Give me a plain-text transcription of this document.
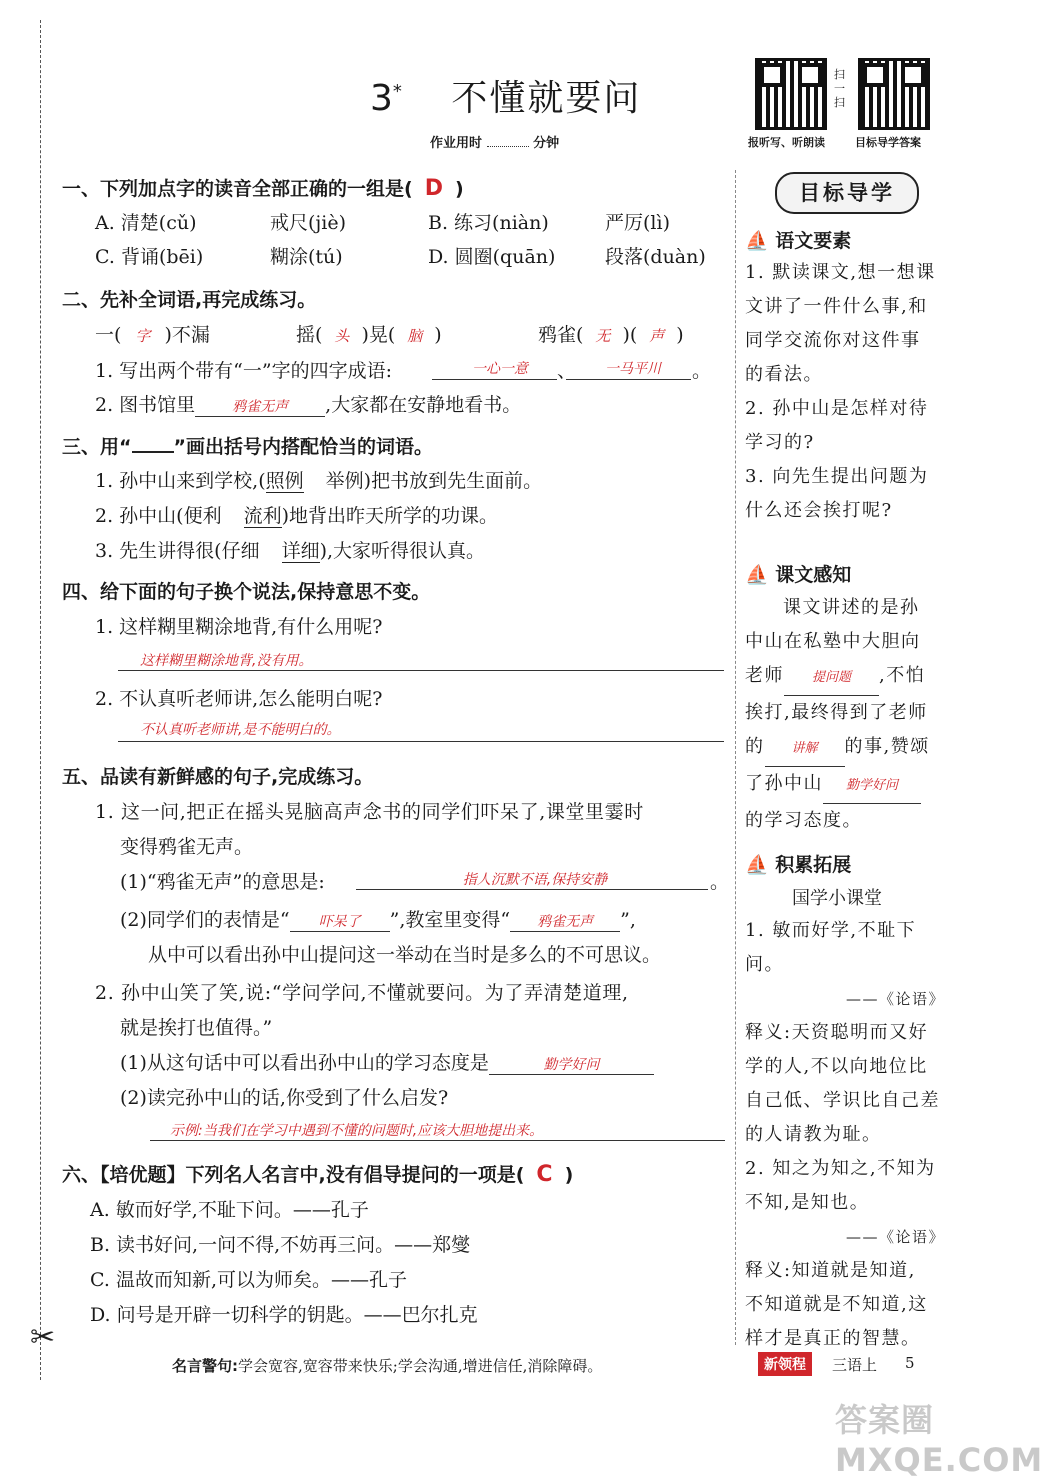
✂
3* 不懂就要问
作业用时	分钟
扫一扫
报听写、听朗读	目标导学答案
一、下列加点字的读音全部正确的一组是( D )
A. 清楚(cǔ)	戒尺(jiè)	B. 练习(niàn)	严厉(lì)
C. 背诵(bēi)	糊涂(tú)	D. 圆圈(quān)	段落(duàn)
二、先补全词语,再完成练习。
一( 字 )不漏	摇( 头 )晃( 脑 )	鸦雀( 无 )( 声 )
1. 写出两个带有“一”字的四字成语:	一心一意	、	一马平川	。
2. 图书馆里	鸦雀无声 ,大家都在安静地看书。
三、用“ ”画出括号内搭配恰当的词语。
1. 孙中山来到学校,(照例 举例)把书放到先生面前。
2. 孙中山(便利 流利)地背出昨天所学的功课。
3. 先生讲得很(仔细 详细),大家听得很认真。
四、给下面的句子换个说法,保持意思不变。
1. 这样糊里糊涂地背,有什么用呢?
这样糊里糊涂地背,没有用。
2. 不认真听老师讲,怎么能明白呢?
不认真听老师讲,是不能明白的。
五、品读有新鲜感的句子,完成练习。
1. 这一问,把正在摇头晃脑高声念书的同学们吓呆了,课堂里霎时
变得鸦雀无声。
(1)“鸦雀无声”的意思是:	指人沉默不语,保持安静	。
(2)同学们的表情是“ 吓呆了 ”,教室里变得“ 鸦雀无声 ”,
从中可以看出孙中山提问这一举动在当时是多么的不可思议。
2. 孙中山笑了笑,说:“学问学问,不懂就要问。为了弄清楚道理,
就是挨打也值得。”
(1)从这句话中可以看出孙中山的学习态度是	勤学好问
(2)读完孙中山的话,你受到了什么启发?
示例:当我们在学习中遇到不懂的问题时,应该大胆地提出来。
六、【培优题】下列名人名言中,没有倡导提问的一项是( C )
A. 敏而好学,不耻下问。——孔子
B. 读书好问,一问不得,不妨再三问。——郑燮
C. 温故而知新,可以为师矣。——孔子
D. 问号是开辟一切科学的钥匙。——巴尔扎克
目标导学
⛵ 语文要素
1. 默读课文,想一想课
文讲了一件什么事,和
同学交流你对这件事
的看法。
2. 孙中山是怎样对待
学习的?
3. 向先生提出问题为
什么还会挨打呢?
⛵ 课文感知
课文讲述的是孙
中山在私塾中大胆向
老师 提问题 ,不怕
挨打,最终得到了老师
的 讲解 的事,赞颂
了孙中山 勤学好问
的学习态度。
⛵ 积累拓展
国学小课堂
1. 敏而好学,不耻下问。
——《论语》
释义:天资聪明而又好
学的人,不以向地位比
自己低、学识比自己差
的人请教为耻。
2. 知之为知之,不知为
不知,是知也。
——《论语》
释义:知道就是知道,
不知道就是不知道,这
样才是真正的智慧。
名言警句:学会宽容,宽容带来快乐;学会沟通,增进信任,消除障碍。	新领程	三语上 5
答案圈 MXQE.COM
